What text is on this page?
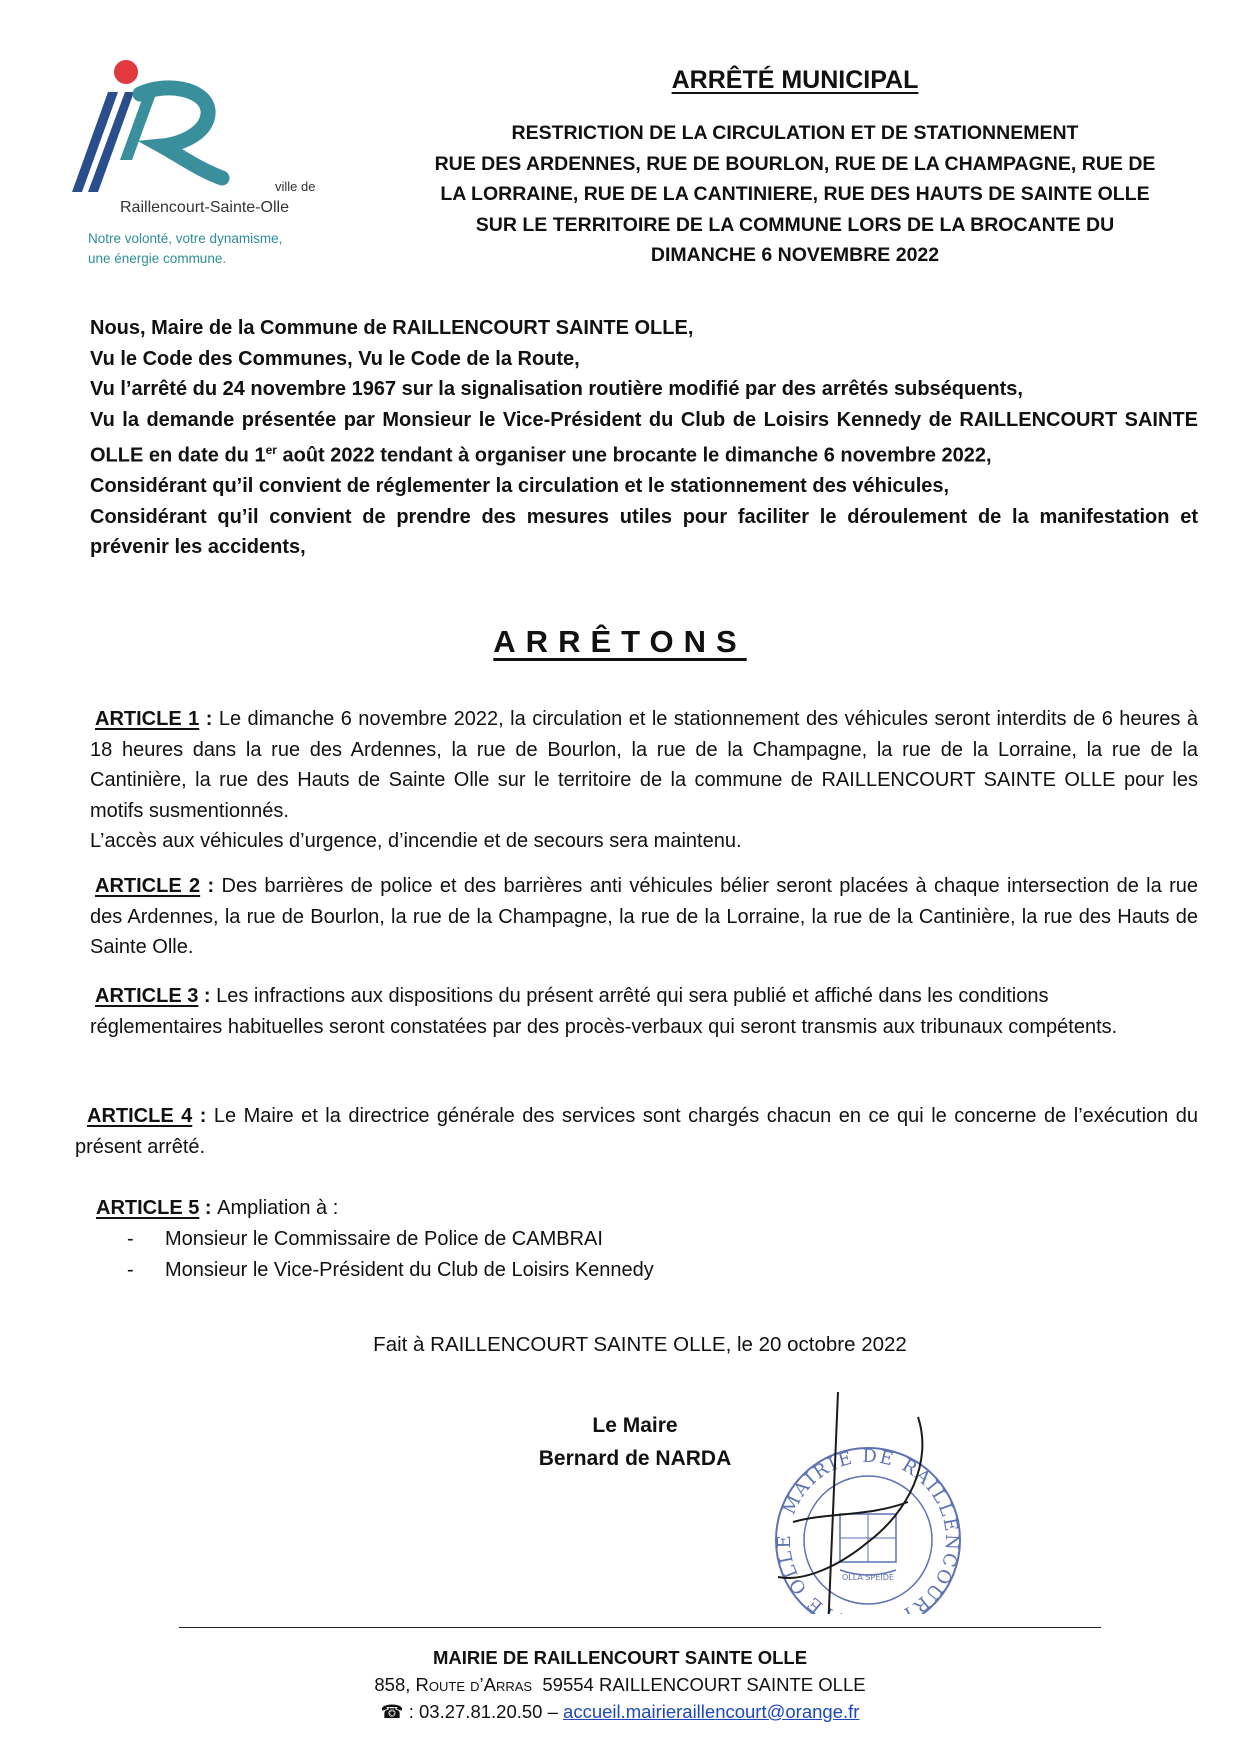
ville de
Raillencourt-Sainte-Olle
Notre volonté, votre dynamisme,
une énergie commune.
ARRÊTÉ MUNICIPAL
RESTRICTION DE LA CIRCULATION ET DE STATIONNEMENT
RUE DES ARDENNES, RUE DE BOURLON, RUE DE LA CHAMPAGNE, RUE DE
LA LORRAINE, RUE DE LA CANTINIERE, RUE DES HAUTS DE SAINTE OLLE
SUR LE TERRITOIRE DE LA COMMUNE LORS DE LA BROCANTE DU
DIMANCHE 6 NOVEMBRE 2022

Nous, Maire de la Commune de RAILLENCOURT SAINTE OLLE,

Vu le Code des Communes, Vu le Code de la Route,

Vu l’arrêté du 24 novembre 1967 sur la signalisation routière modifié par des arrêtés subséquents,

Vu la demande présentée par Monsieur le Vice-Président du Club de Loisirs Kennedy de RAILLENCOURT SAINTE OLLE en date du 1er août 2022 tendant à organiser une brocante le dimanche 6 novembre 2022,

Considérant qu’il convient de réglementer la circulation et le stationnement des véhicules,

Considérant qu’il convient de prendre des mesures utiles pour faciliter le déroulement de la manifestation et prévenir les accidents,

ARRÊTONS

ARTICLE 1 : Le dimanche 6 novembre 2022, la circulation et le stationnement des véhicules seront interdits de 6 heures à 18 heures dans la rue des Ardennes, la rue de Bourlon, la rue de la Champagne, la rue de la Lorraine, la rue de la Cantinière, la rue des Hauts de Sainte Olle sur le territoire de la commune de RAILLENCOURT SAINTE OLLE pour les motifs susmentionnés.

L’accès aux véhicules d’urgence, d’incendie et de secours sera maintenu.

ARTICLE 2 : Des barrières de police et des barrières anti véhicules bélier seront placées à chaque intersection de la rue des Ardennes, la rue de Bourlon, la rue de la Champagne, la rue de la Lorraine, la rue de la Cantinière, la rue des Hauts de Sainte Olle.

ARTICLE 3 : Les infractions aux dispositions du présent arrêté qui sera publié et affiché dans les conditions réglementaires habituelles seront constatées par des procès-verbaux qui seront transmis aux tribunaux compétents.

ARTICLE 4 : Le Maire et la directrice générale des services sont chargés chacun en ce qui le concerne de l’exécution du présent arrêté.

ARTICLE 5 : Ampliation à :

- Monsieur le Commissaire de Police de CAMBRAI
- Monsieur le Vice-Président du Club de Loisirs Kennedy
Fait à RAILLENCOURT SAINTE OLLE, le 20 octobre 2022
Le Maire
Bernard de NARDA
MAIRIE DE RAILLENCOURT TE OLLE
OLLA SPEIDE
MAIRIE DE RAILLENCOURT SAINTE OLLE
858, Route d’Arras  59554 RAILLENCOURT SAINTE OLLE
☎ : 03.27.81.20.50 – accueil.mairieraillencourt@orange.fr
